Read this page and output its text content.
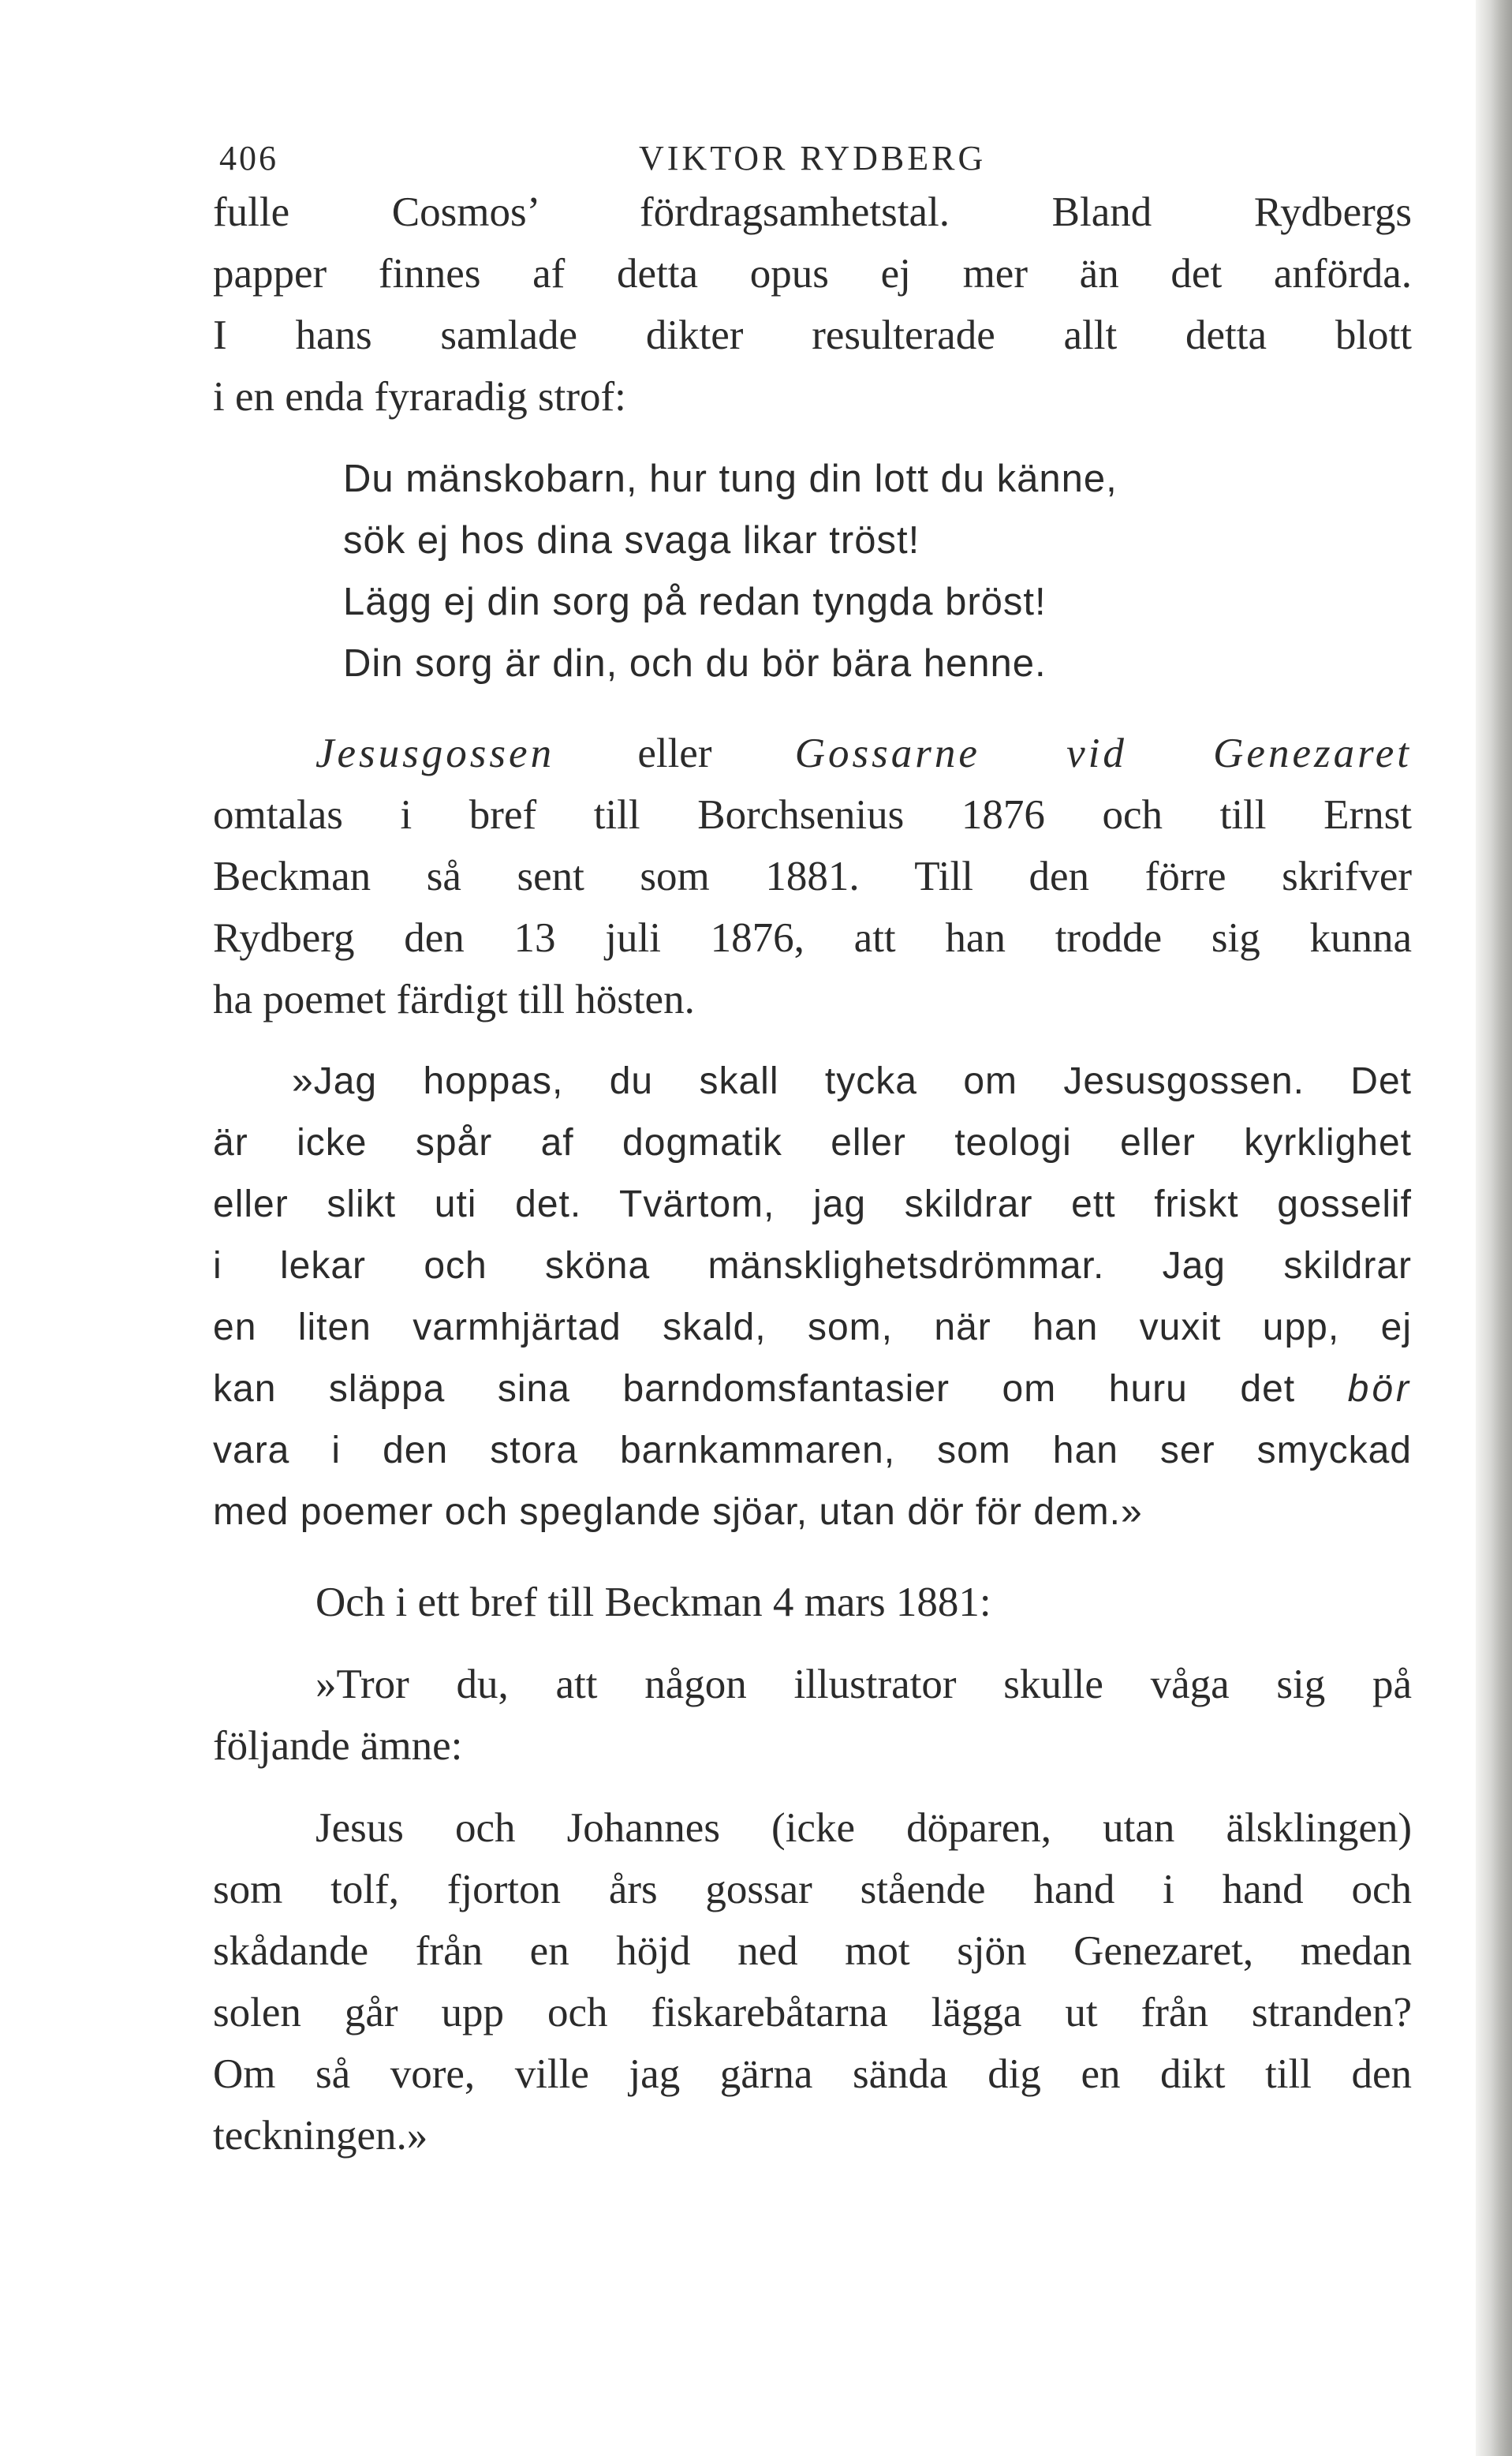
406	VIKTOR RYDBERG

fulle Cosmos’ fördragsamhetstal. Bland Rydbergs
papper finnes af detta opus ej mer än det anförda.
I hans samlade dikter resulterade allt detta blott
i en enda fyraradig strof:

Du mänskobarn, hur tung din lott du känne,
sök ej hos dina svaga likar tröst!
Lägg ej din sorg på redan tyngda bröst!
Din sorg är din, och du bör bära henne.

Jesusgossen eller Gossarne vid Genezaret
omtalas i bref till Borchsenius 1876 och till Ernst
Beckman så sent som 1881. Till den förre skrifver
Rydberg den 13 juli 1876, att han trodde sig kunna
ha poemet färdigt till hösten.

»Jag hoppas, du skall tycka om Jesusgossen. Det
är icke spår af dogmatik eller teologi eller kyrklighet
eller slikt uti det. Tvärtom, jag skildrar ett friskt gosselif
i lekar och sköna mänsklighetsdrömmar. Jag skildrar
en liten varmhjärtad skald, som, när han vuxit upp, ej
kan släppa sina barndomsfantasier om huru det bör
vara i den stora barnkammaren, som han ser smyckad
med poemer och speglande sjöar, utan dör för dem.»

Och i ett bref till Beckman 4 mars 1881:

»Tror du, att någon illustrator skulle våga sig på
följande ämne:

Jesus och Johannes (icke döparen, utan älsklingen)
som tolf, fjorton års gossar stående hand i hand och
skådande från en höjd ned mot sjön Genezaret, medan
solen går upp och fiskarebåtarna lägga ut från stranden?
Om så vore, ville jag gärna sända dig en dikt till den
teckningen.»
